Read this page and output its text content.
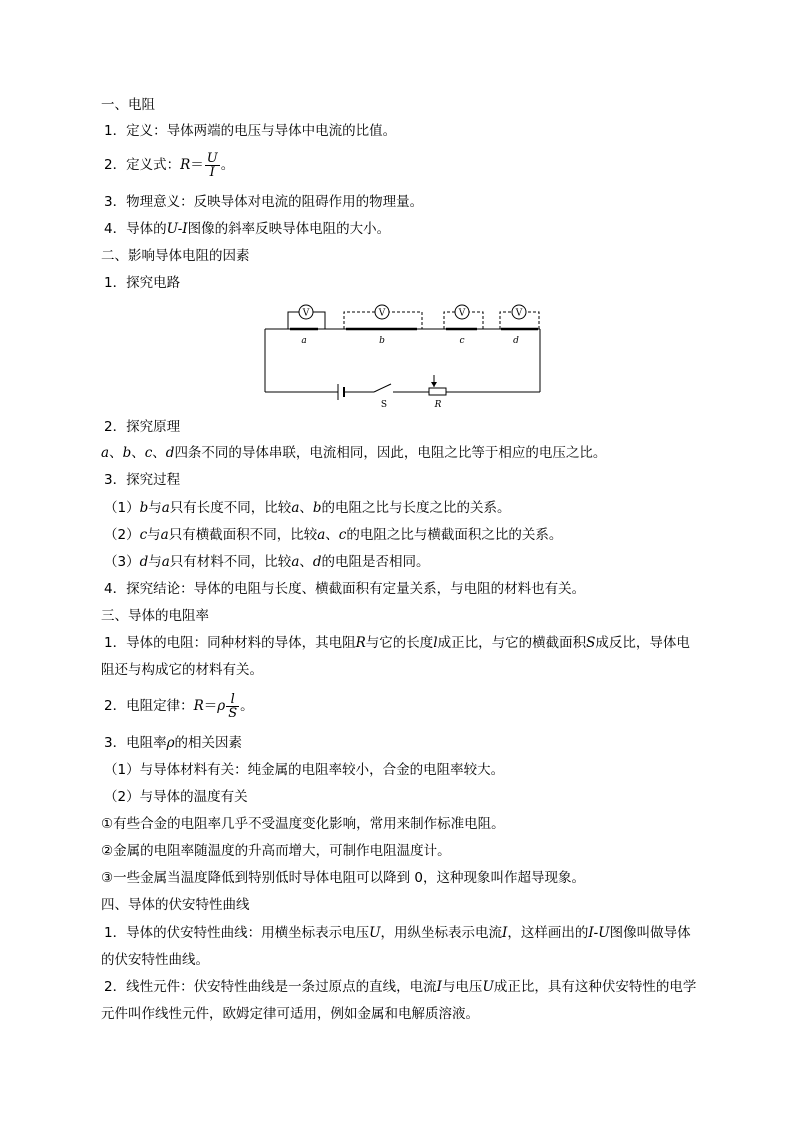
一、电阻
1．定义：导体两端的电压与导体中电流的比值。
2．定义式：$R= \frac{U}{I}$ 。
3．物理意义：反映导体对电流的阻碍作用的物理量。
4．导体的U-I图像的斜率反映导体电阻的大小。
二、影响导体电阻的因素
1．探究电路
V	V	V	V
a	b	c	d
S	R
2．探究原理
a、b、c、d四条不同的导体串联，电流相同，因此，电阻之比等于相应的电压之比。
3．探究过程
（1）b与a只有长度不同，比较a、b的电阻之比与长度之比的关系。
（2）c与a只有横截面积不同，比较a、c的电阻之比与横截面积之比的关系。
（3）d与a只有材料不同，比较a、d的电阻是否相同。
4．探究结论：导体的电阻与长度、横截面积有定量关系，与电阻的材料也有关。
三、导体的电阻率
1．导体的电阻：同种材料的导体，其电阻R与它的长度l成正比，与它的横截面积S成反比，导体电
阻还与构成它的材料有关。
2．电阻定律：$R=\rho \frac{l}{S}$ 。
3．电阻率ρ的相关因素
（1）与导体材料有关：纯金属的电阻率较小，合金的电阻率较大。
（2）与导体的温度有关
①有些合金的电阻率几乎不受温度变化影响，常用来制作标准电阻。
②金属的电阻率随温度的升高而增大，可制作电阻温度计。
③一些金属当温度降低到特别低时导体电阻可以降到 0，这种现象叫作超导现象。
四、导体的伏安特性曲线
1．导体的伏安特性曲线：用横坐标表示电压U，用纵坐标表示电流I，这样画出的I-U图像叫做导体
的伏安特性曲线。
2．线性元件：伏安特性曲线是一条过原点的直线，电流I与电压U成正比，具有这种伏安特性的电学
元件叫作线性元件，欧姆定律可适用，例如金属和电解质溶液。
